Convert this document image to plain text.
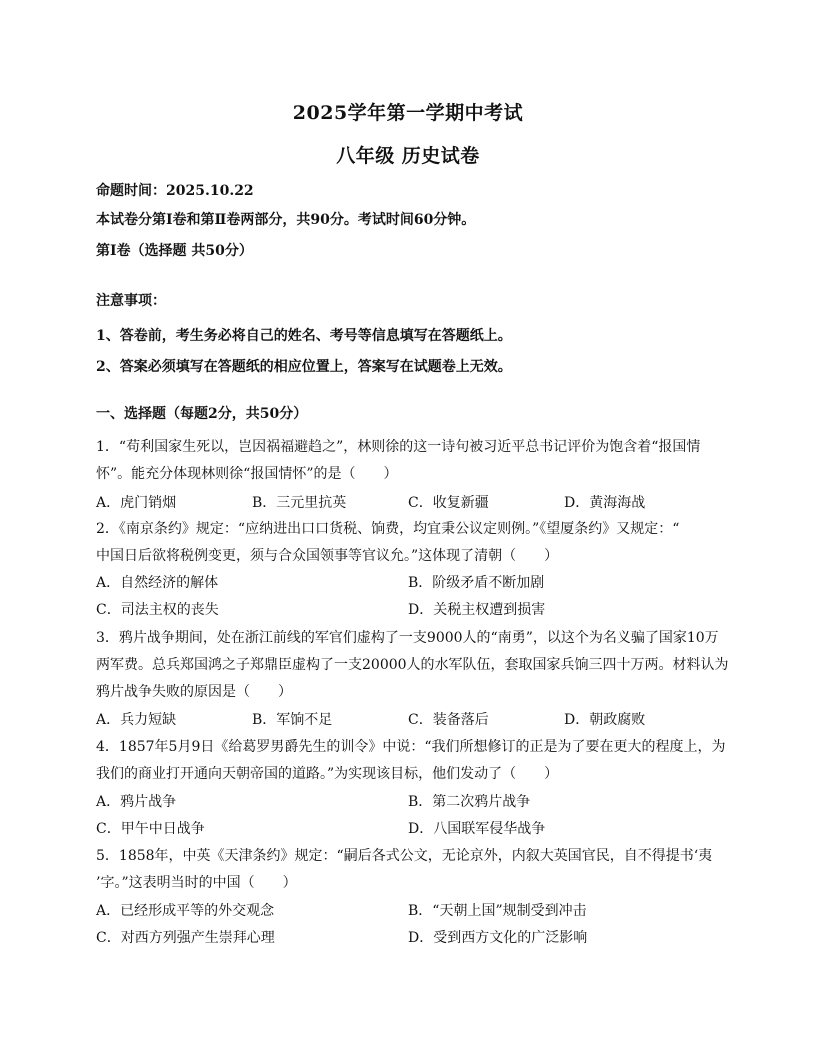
2025学年第一学期中考试
八年级 历史试卷
命题时间：2025.10.22
本试卷分第Ⅰ卷和第Ⅱ卷两部分，共90分。考试时间60分钟。
第Ⅰ卷（选择题 共50分）
注意事项：
1、答卷前，考生务必将自己的姓名、考号等信息填写在答题纸上。
2、答案必须填写在答题纸的相应位置上，答案写在试题卷上无效。
一、选择题（每题2分，共50分）
1．“苟利国家生死以，岂因祸福避趋之”，林则徐的这一诗句被习近平总书记评价为饱含着“报国情
怀”。能充分体现林则徐“报国情怀”的是（　　）
A．虎门销烟	B．三元里抗英	C．收复新疆	D．黄海海战
2．《南京条约》规定：“应纳进出口口货税、饷费，均宜秉公议定则例。”《望厦条约》又规定：“
中国日后欲将税例变更，须与合众国领事等官议允。”这体现了清朝（　　）
A．自然经济的解体	B．阶级矛盾不断加剧
C．司法主权的丧失	D．关税主权遭到损害
3．鸦片战争期间，处在浙江前线的军官们虚构了一支9000人的“南勇”，以这个为名义骗了国家10万
两军费。总兵郑国鸿之子郑鼎臣虚构了一支20000人的水军队伍，套取国家兵饷三四十万两。材料认为
鸦片战争失败的原因是（　　）
A．兵力短缺	B．军饷不足	C．装备落后	D．朝政腐败
4．1857年5月9日《给葛罗男爵先生的训令》中说：“我们所想修订的正是为了要在更大的程度上，为
我们的商业打开通向天朝帝国的道路。”为实现该目标，他们发动了（　　）
A．鸦片战争	B．第二次鸦片战争
C．甲午中日战争	D．八国联军侵华战争
5．1858年，中英《天津条约》规定：“嗣后各式公文，无论京外，内叙大英国官民，自不得提书‘夷
’字。”这表明当时的中国（　　）
A．已经形成平等的外交观念	B．“天朝上国”规制受到冲击
C．对西方列强产生崇拜心理	D．受到西方文化的广泛影响
